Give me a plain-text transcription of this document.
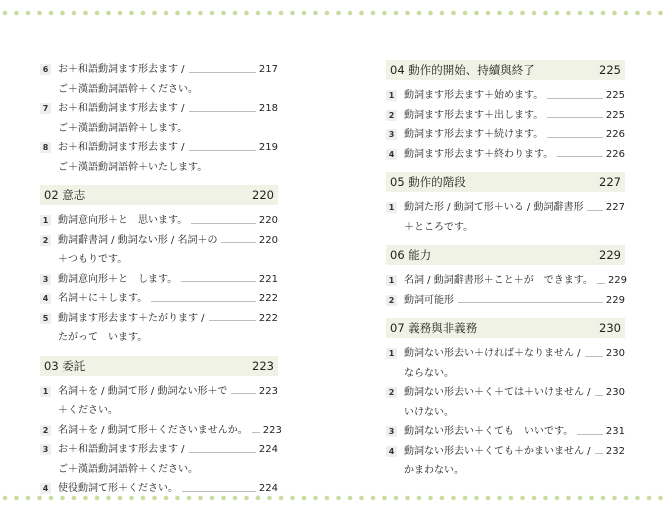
6 お＋和語動詞ます形去ます /	217
ご＋漢語動詞語幹＋ください。
7 お＋和語動詞ます形去ます /	218
ご＋漢語動詞語幹＋します。
8 お＋和語動詞ます形去ます /	219
ご＋漢語動詞語幹＋いたします。
02 意志	220
1 動詞意向形＋と　思います。	220
2 動詞辭書詞 / 動詞ない形 / 名詞＋の	220
＋つもりです。
3 動詞意向形＋と　します。	221
4 名詞＋に＋します。	222
5 動詞ます形去ます＋たがります /	222
たがって　います。
03 委託	223
1 名詞＋を / 動詞て形 / 動詞ない形＋で	223
＋ください。
2 名詞＋を / 動詞て形＋くださいませんか。 223
3 お＋和語動詞ます形去ます /	224
ご＋漢語動詞語幹＋ください。
4 使役動詞て形＋ください。	224
04 動作的開始、持續與終了	225
1 動詞ます形去ます＋始めます。	225
2 動詞ます形去ます＋出します。	225
3 動詞ます形去ます＋続けます。	226
4 動詞ます形去ます＋終わります。	226
05 動作的階段	227
1 動詞た形 / 動詞て形＋いる / 動詞辭書形 227
＋ところです。
06 能力	229
1 名詞 / 動詞辭書形＋こと＋が　できます。 229
2 動詞可能形	229
07 義務與非義務	230
1 動詞ない形去い＋ければ＋なりません /	230
ならない。
2 動詞ない形去い＋く＋ては＋いけません / 230
いけない。
3 動詞ない形去い＋くても　いいです。	231
4 動詞ない形去い＋くても＋かまいません / 232
かまわない。
